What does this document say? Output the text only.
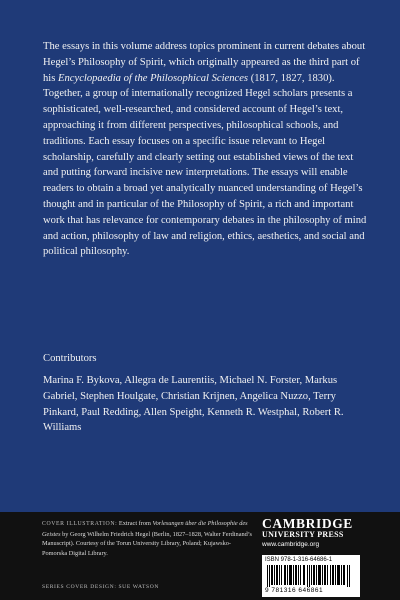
The essays in this volume address topics prominent in current debates about Hegel’s Philosophy of Spirit, which originally appeared as the third part of his Encyclopaedia of the Philosophical Sciences (1817, 1827, 1830). Together, a group of internationally recognized Hegel scholars presents a sophisticated, well-researched, and considered account of Hegel’s text, approaching it from different perspectives, philosophical schools, and traditions. Each essay focuses on a specific issue relevant to Hegel scholarship, carefully and clearly setting out established views of the text and putting forward incisive new interpretations. The essays will enable readers to obtain a broad yet analytically nuanced understanding of Hegel’s thought and in particular of the Philosophy of Spirit, a rich and important work that has relevance for contemporary debates in the philosophy of mind and action, philosophy of law and religion, ethics, aesthetics, and social and political philosophy.
Contributors
Marina F. Bykova, Allegra de Laurentiis, Michael N. Forster, Markus Gabriel, Stephen Houlgate, Christian Krijnen, Angelica Nuzzo, Terry Pinkard, Paul Redding, Allen Speight, Kenneth R. Westphal, Robert R. Williams
COVER ILLUSTRATION: Extract from Vorlesungen über die Philosophie des Geistes by Georg Wilhelm Friedrich Hegel (Berlin, 1827–1828, Walter Ferdinand’s Manuscript). Courtesy of the Torun University Library, Poland; Kujawsko-Pomorska Digital Library.
SERIES COVER DESIGN: SUE WATSON
CAMBRIDGE
UNIVERSITY PRESS
www.cambridge.org
ISBN 978-1-316-64686-1
9 781316 646861
